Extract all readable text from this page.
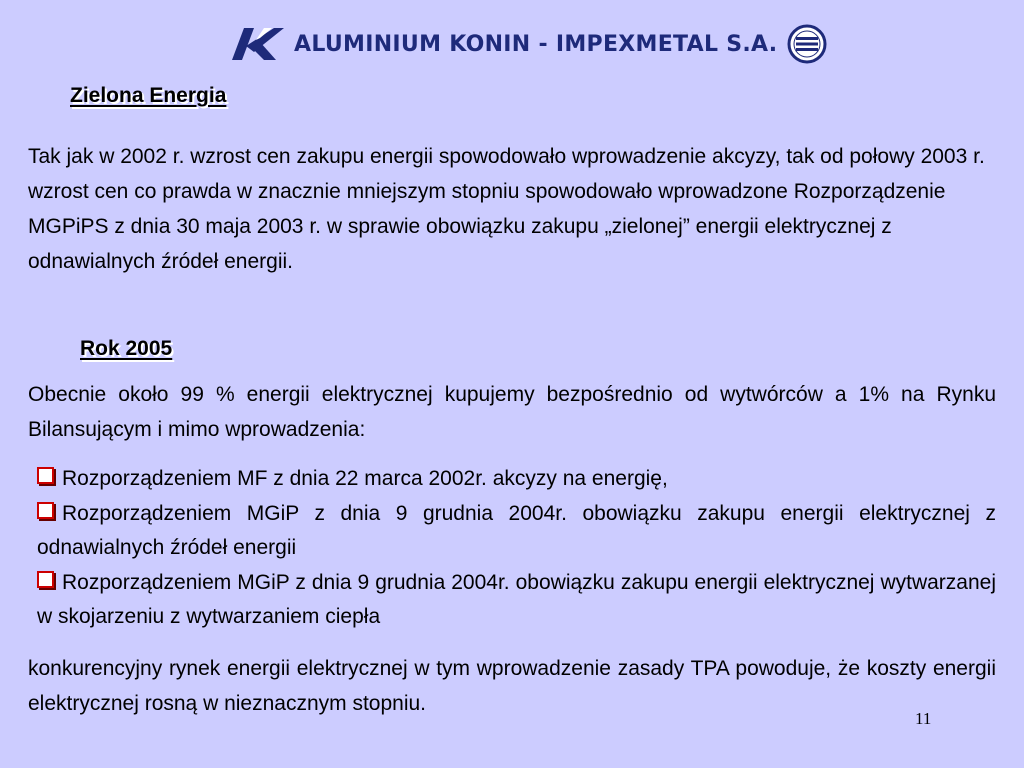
ALUMINIUM KONIN - IMPEXMETAL S.A.
Zielona Energia
Tak jak w 2002 r. wzrost cen zakupu energii spowodowało wprowadzenie akcyzy, tak od połowy 2003 r. wzrost cen co prawda w znacznie mniejszym stopniu spowodowało wprowadzone Rozporządzenie MGPiPS z dnia 30 maja 2003 r. w sprawie obowiązku zakupu „zielonej” energii elektrycznej z odnawialnych źródeł energii.
Rok 2005
Obecnie około 99 % energii elektrycznej kupujemy bezpośrednio od wytwórców a 1% na Rynku Bilansującym i mimo wprowadzenia:
Rozporządzeniem MF z dnia 22 marca 2002r. akcyzy na energię,
Rozporządzeniem MGiP z dnia 9 grudnia 2004r. obowiązku zakupu energii elektrycznej z odnawialnych źródeł energii
Rozporządzeniem MGiP z dnia 9 grudnia 2004r. obowiązku zakupu energii elektrycznej wytwarzanej w skojarzeniu z wytwarzaniem ciepła
konkurencyjny rynek energii elektrycznej w tym wprowadzenie zasady TPA powoduje, że koszty energii elektrycznej rosną w nieznacznym stopniu.
11
